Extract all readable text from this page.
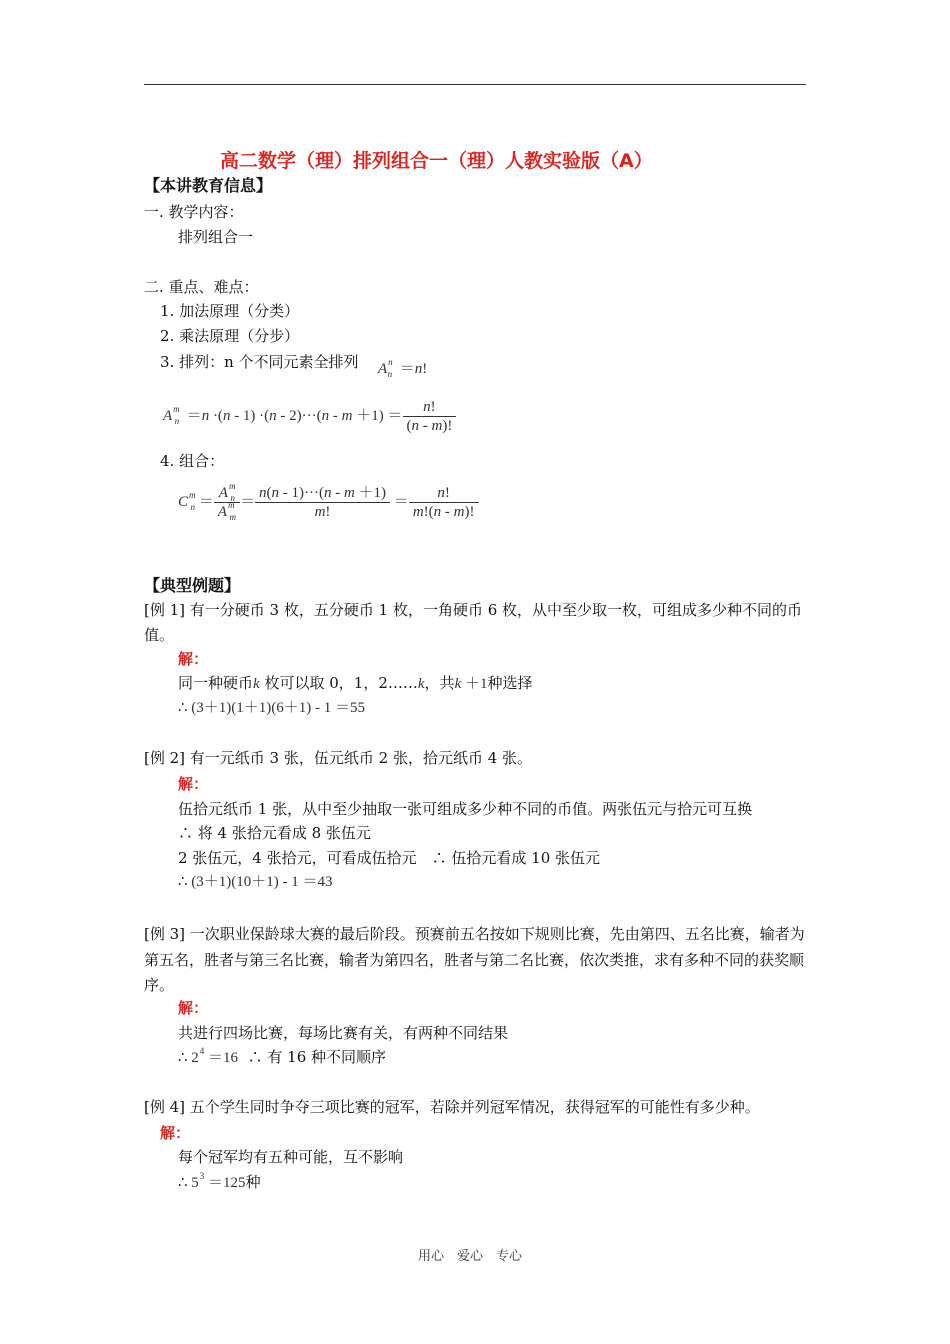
高二数学（理）排列组合一（理）人教实验版（A）
【本讲教育信息】
一. 教学内容：
排列组合一
二. 重点、难点：
1. 加法原理（分类）
2. 乘法原理（分步）
3. 排列：n 个不同元素全排列 $A^n_n =n$!
$A^m_n =n \cdot(n - 1) \cdot(n - 2)\cdot\cdot\cdot(n - m +1) = \frac{n!}{(n - m)!}$
4. 组合：
$C^m_n = \frac{A^m_n}{A^m_m} = \frac{n(n - 1)\cdot\cdot\cdot(n - m +1)}{m!} = \frac{n!}{m!(n - m)!}$
【典型例题】
[例 1] 有一分硬币 3 枚，五分硬币 1 枚，一角硬币 6 枚，从中至少取一枚，可组成多少种不同的币值。
解：
同一种硬币k 枚可以取 0，1，2……k，共k ＋1种选择
∴ (3＋1)(1＋1)(6＋1) - 1 ＝55
[例 2] 有一元纸币 3 张，伍元纸币 2 张，拾元纸币 4 张。
解：
伍拾元纸币 1 张，从中至少抽取一张可组成多少种不同的币值。两张伍元与拾元可互换
∴ 将 4 张拾元看成 8 张伍元
2 张伍元，4 张拾元，可看成伍拾元　∴ 伍拾元看成 10 张伍元
∴ (3＋1)(10＋1) - 1 ＝43
[例 3] 一次职业保龄球大赛的最后阶段。预赛前五名按如下规则比赛，先由第四、五名比赛，输者为第五名，胜者与第三名比赛，输者为第四名，胜者与第二名比赛，依次类推，求有多种不同的获奖顺序。
解：
共进行四场比赛，每场比赛有关，有两种不同结果
∴ $2^4 =16$ ∴ 有 16 种不同顺序
[例 4] 五个学生同时争夺三项比赛的冠军，若除并列冠军情况，获得冠军的可能性有多少种。
解：
每个冠军均有五种可能，互不影响
∴ $5^3 =125$种
用心　爱心　专心
